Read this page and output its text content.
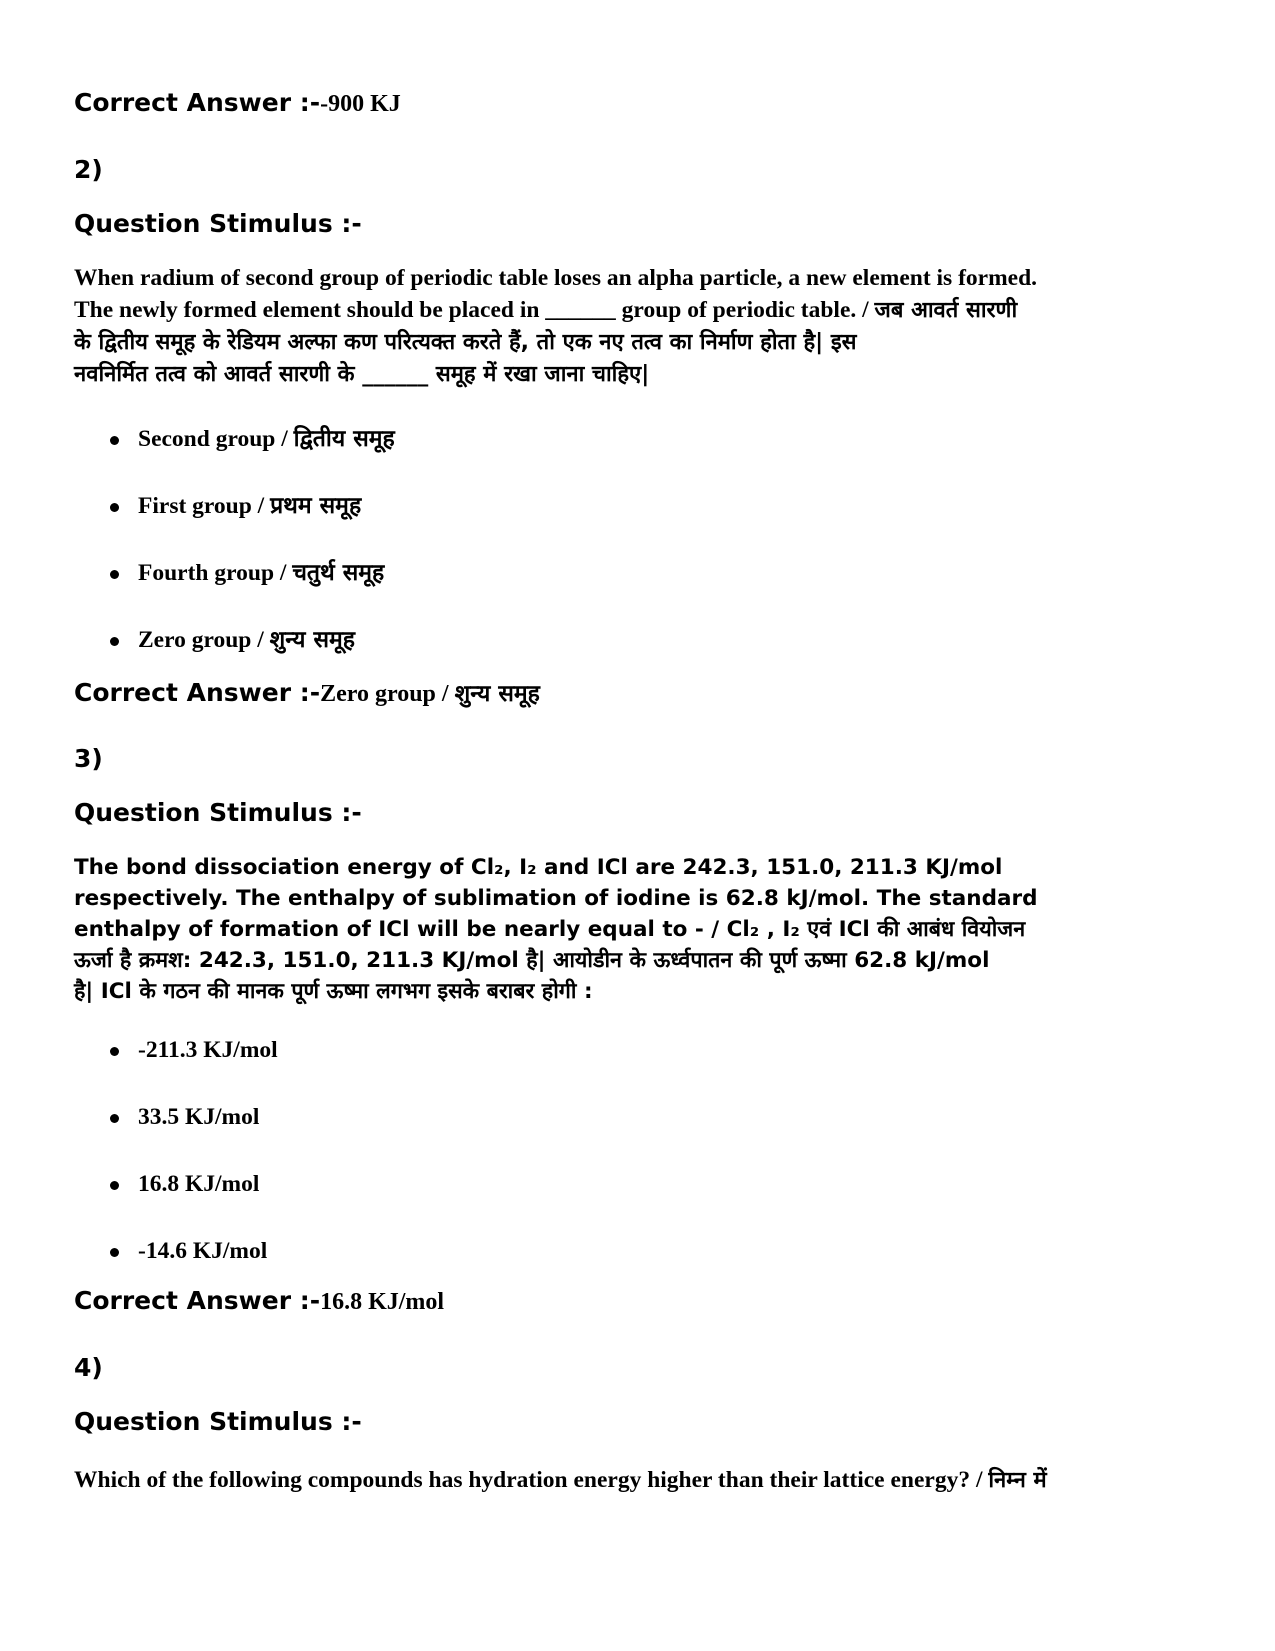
Correct Answer :--900 KJ
2)
Question Stimulus :-
When radium of second group of periodic table loses an alpha particle, a new element is formed.
The newly formed element should be placed in ______ group of periodic table. / जब आवर्त सारणी
के द्वितीय समूह के रेडियम अल्फा कण परित्यक्त करते हैं, तो एक नए तत्व का निर्माण होता है| इस
नवनिर्मित तत्व को आवर्त सारणी के ______ समूह में रखा जाना चाहिए|
Second group / द्वितीय समूह
First group / प्रथम समूह
Fourth group / चतुर्थ समूह
Zero group / शुन्य समूह
Correct Answer :-Zero group / शुन्य समूह
3)
Question Stimulus :-
The bond dissociation energy of Cl₂, I₂ and ICl are 242.3, 151.0, 211.3 KJ/mol
respectively. The enthalpy of sublimation of iodine is 62.8 kJ/mol. The standard
enthalpy of formation of ICl will be nearly equal to - / Cl₂ , I₂ एवं ICl की आबंध वियोजन
ऊर्जा है क्रमश: 242.3, 151.0, 211.3 KJ/mol है| आयोडीन के ऊर्ध्वपातन की पूर्ण ऊष्मा 62.8 kJ/mol
है| ICl के गठन की मानक पूर्ण ऊष्मा लगभग इसके बराबर होगी :
-211.3 KJ/mol
33.5 KJ/mol
16.8 KJ/mol
-14.6 KJ/mol
Correct Answer :-16.8 KJ/mol
4)
Question Stimulus :-
Which of the following compounds has hydration energy higher than their lattice energy? / निम्न में
